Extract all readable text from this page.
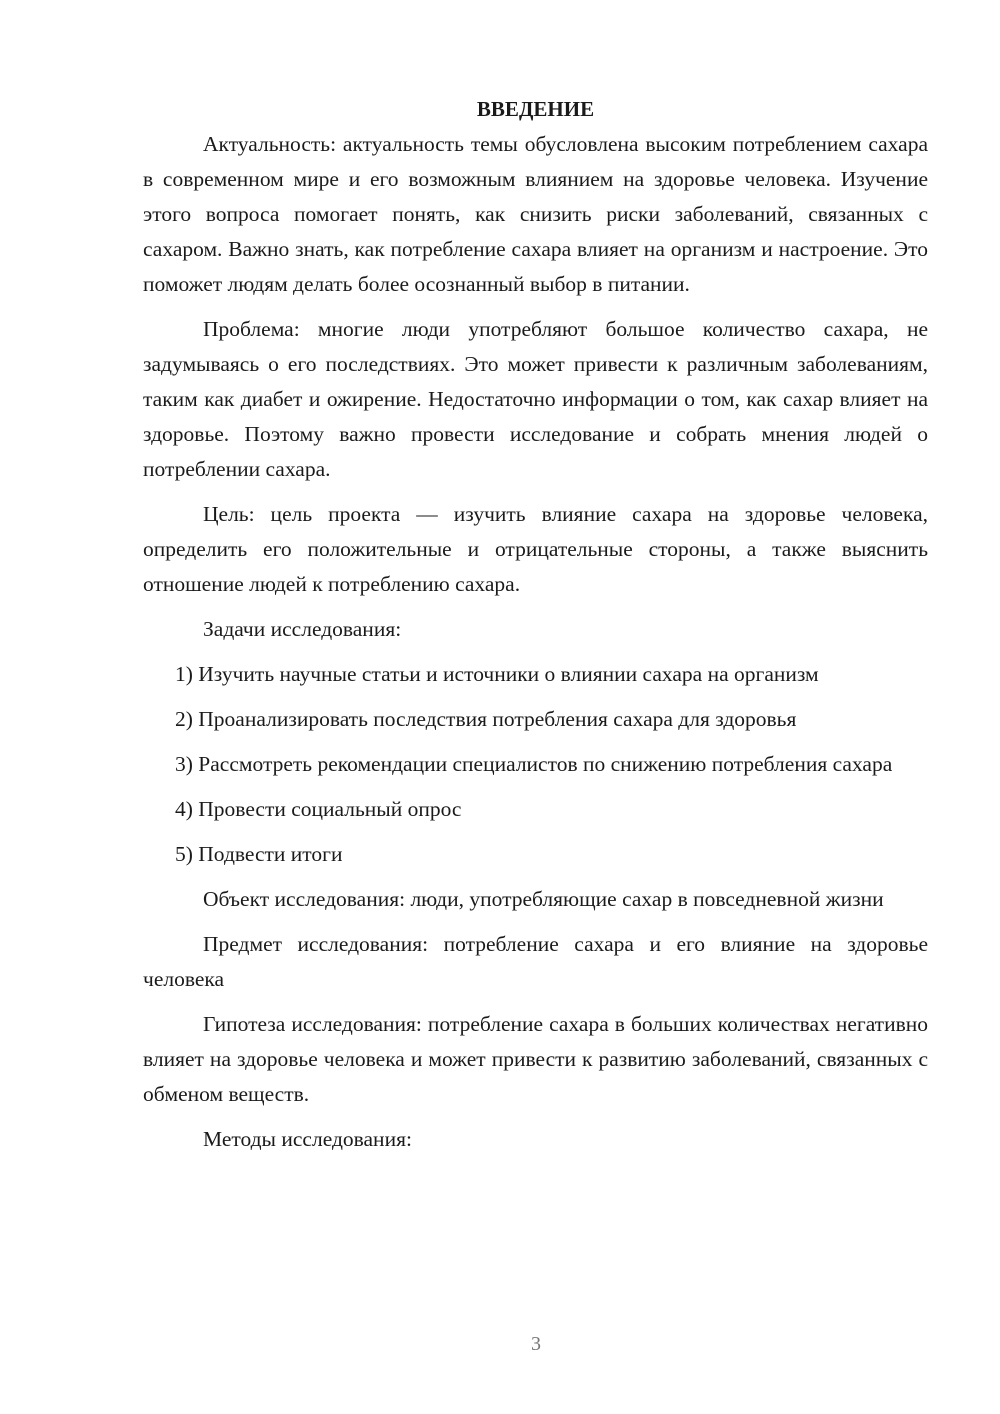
ВВЕДЕНИЕ

Актуальность: актуальность темы обусловлена высоким потреблением сахара в современном мире и его возможным влиянием на здоровье человека. Изучение этого вопроса помогает понять, как снизить риски заболеваний, связанных с сахаром. Важно знать, как потребление сахара влияет на организм и настроение. Это поможет людям делать более осознанный выбор в питании.

Проблема: многие люди употребляют большое количество сахара, не задумываясь о его последствиях. Это может привести к различным заболеваниям, таким как диабет и ожирение. Недостаточно информации о том, как сахар влияет на здоровье. Поэтому важно провести исследование и собрать мнения людей о потреблении сахара.

Цель: цель проекта — изучить влияние сахара на здоровье человека, определить его положительные и отрицательные стороны, а также выяснить отношение людей к потреблению сахара.

Задачи исследования:

1) Изучить научные статьи и источники о влиянии сахара на организм

2) Проанализировать последствия потребления сахара для здоровья

3) Рассмотреть рекомендации специалистов по снижению потребления сахара

4) Провести социальный опрос

5) Подвести итоги

Объект исследования: люди, употребляющие сахар в повседневной жизни

Предмет исследования: потребление сахара и его влияние на здоровье человека

Гипотеза исследования: потребление сахара в больших количествах негативно влияет на здоровье человека и может привести к развитию заболеваний, связанных с обменом веществ.

Методы исследования:

3
